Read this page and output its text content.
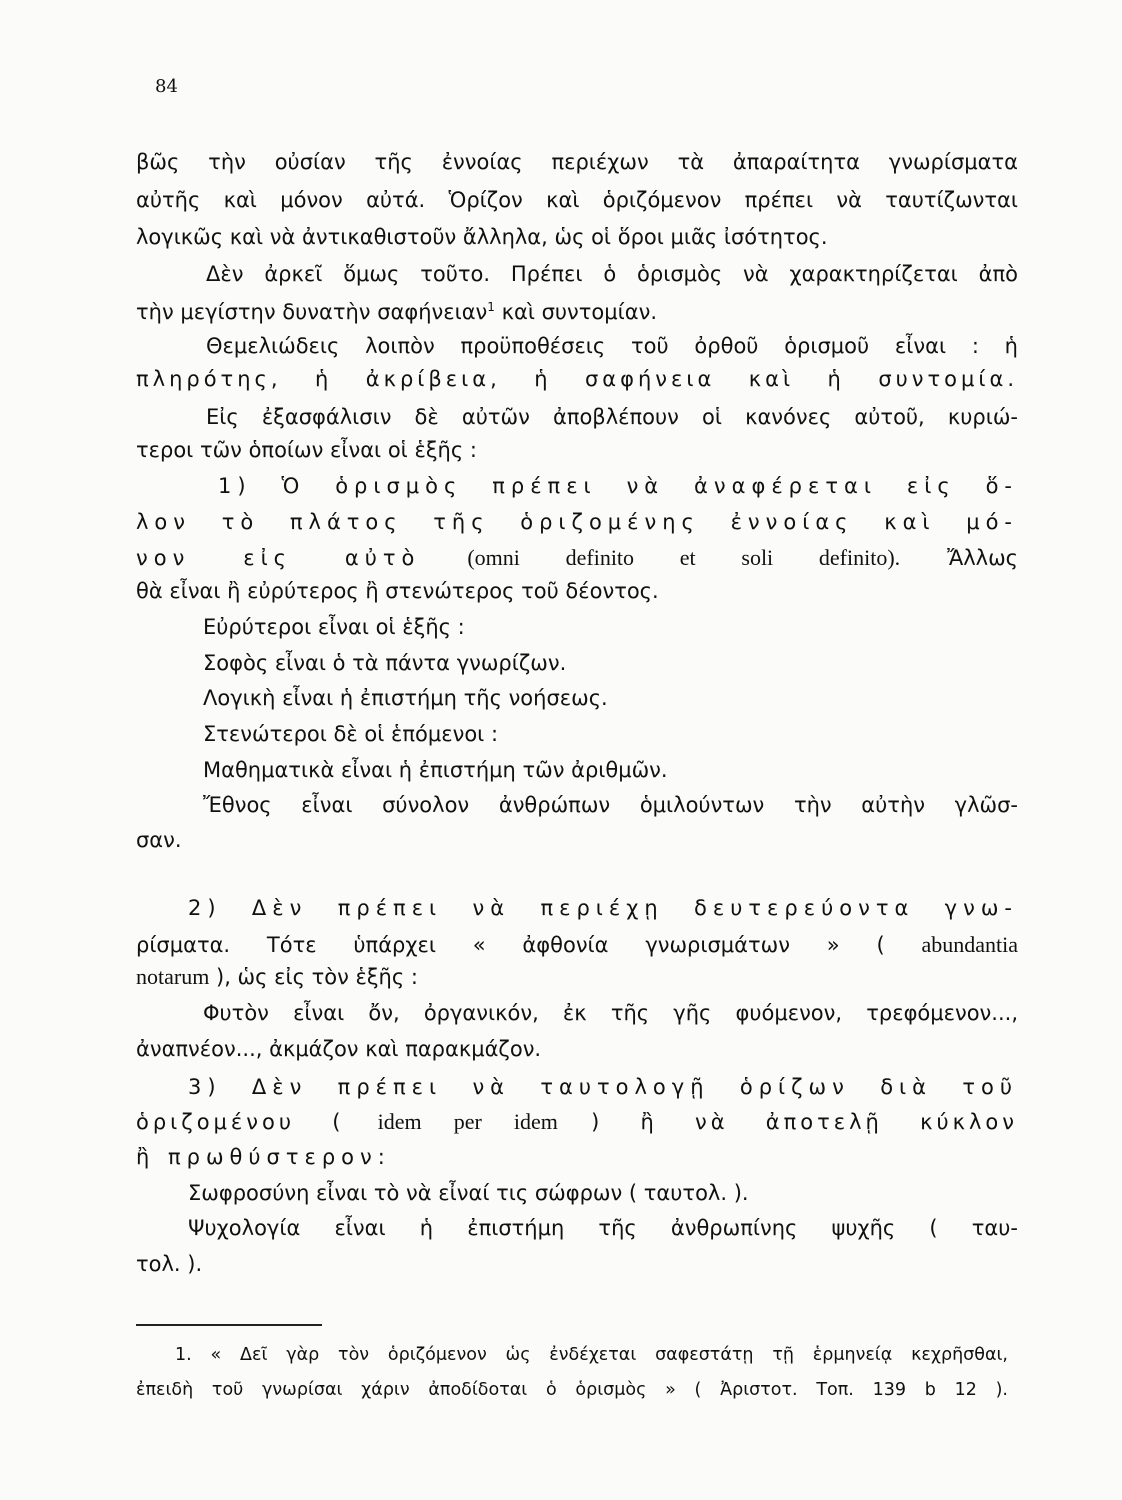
84
βῶς τὴν οὐσίαν τῆς ἐννοίας περιέχων τὰ ἀπαραίτητα γνωρίσματα
αὐτῆς καὶ μόνον αὐτά. Ὁρίζον καὶ ὁριζόμενον πρέπει νὰ ταυτίζωνται
λογικῶς καὶ νὰ ἀντικαθιστοῦν ἄλληλα, ὡς οἱ ὅροι μιᾶς ἰσότητος.
Δὲν ἀρκεῖ ὅμως τοῦτο. Πρέπει ὁ ὁρισμὸς νὰ χαρακτηρίζεται ἀπὸ
τὴν μεγίστην δυνατὴν σαφήνειαν$^1$ καὶ συντομίαν.
Θεμελιώδεις λοιπὸν προϋποθέσεις τοῦ ὀρθοῦ ὁρισμοῦ εἶναι : ἡ
πληρότης, ἡ ἀκρίβεια, ἡ σαφήνεια καὶ ἡ συντομία.
Εἰς ἐξασφάλισιν δὲ αὐτῶν ἀποβλέπουν οἱ κανόνες αὐτοῦ, κυριώ-
τεροι τῶν ὁποίων εἶναι οἱ ἑξῆς :
1) Ὁ ὁρισμὸς πρέπει νὰ ἀναφέρεται εἰς ὅ-
λον τὸ πλάτος τῆς ὁριζομένης ἐννοίας καὶ μό-
νον εἰς αὐτὸ (omni definito et soli definito). Ἄλλως
θὰ εἶναι ἢ εὐρύτερος ἢ στενώτερος τοῦ δέοντος.
Εὐρύτεροι εἶναι οἱ ἑξῆς :
Σοφὸς εἶναι ὁ τὰ πάντα γνωρίζων.
Λογικὴ εἶναι ἡ ἐπιστήμη τῆς νοήσεως.
Στενώτεροι δὲ οἱ ἑπόμενοι :
Μαθηματικὰ εἶναι ἡ ἐπιστήμη τῶν ἀριθμῶν.
Ἔθνος εἶναι σύνολον ἀνθρώπων ὁμιλούντων τὴν αὐτὴν γλῶσ-
σαν.
2) Δὲν πρέπει νὰ περιέχῃ δευτερεύοντα γνω-
ρίσματα. Τότε ὑπάρχει « ἀφθονία γνωρισμάτων » ( abundantia
notarum ), ὡς εἰς τὸν ἑξῆς :
Φυτὸν εἶναι ὄν, ὀργανικόν, ἐκ τῆς γῆς φυόμενον, τρεφόμενον...,
ἀναπνέον..., ἀκμάζον καὶ παρακμάζον.
3) Δὲν πρέπει νὰ ταυτολογῇ ὁρίζων διὰ τοῦ
ὁριζομένου ( idem per idem ) ἢ νὰ ἀποτελῇ κύκλον
ἢ πρωθύστερον:
Σωφροσύνη εἶναι τὸ νὰ εἶναί τις σώφρων ( ταυτολ. ).
Ψυχολογία εἶναι ἡ ἐπιστήμη τῆς ἀνθρωπίνης ψυχῆς ( ταυ-
τολ. ).
1. « Δεῖ γὰρ τὸν ὁριζόμενον ὡς ἐνδέχεται σαφεστάτῃ τῇ ἑρμηνείᾳ κεχρῆσθαι,
ἐπειδὴ τοῦ γνωρίσαι χάριν ἀποδίδοται ὁ ὁρισμὸς » ( Ἀριστοτ. Τοπ. 139 b 12 ).
